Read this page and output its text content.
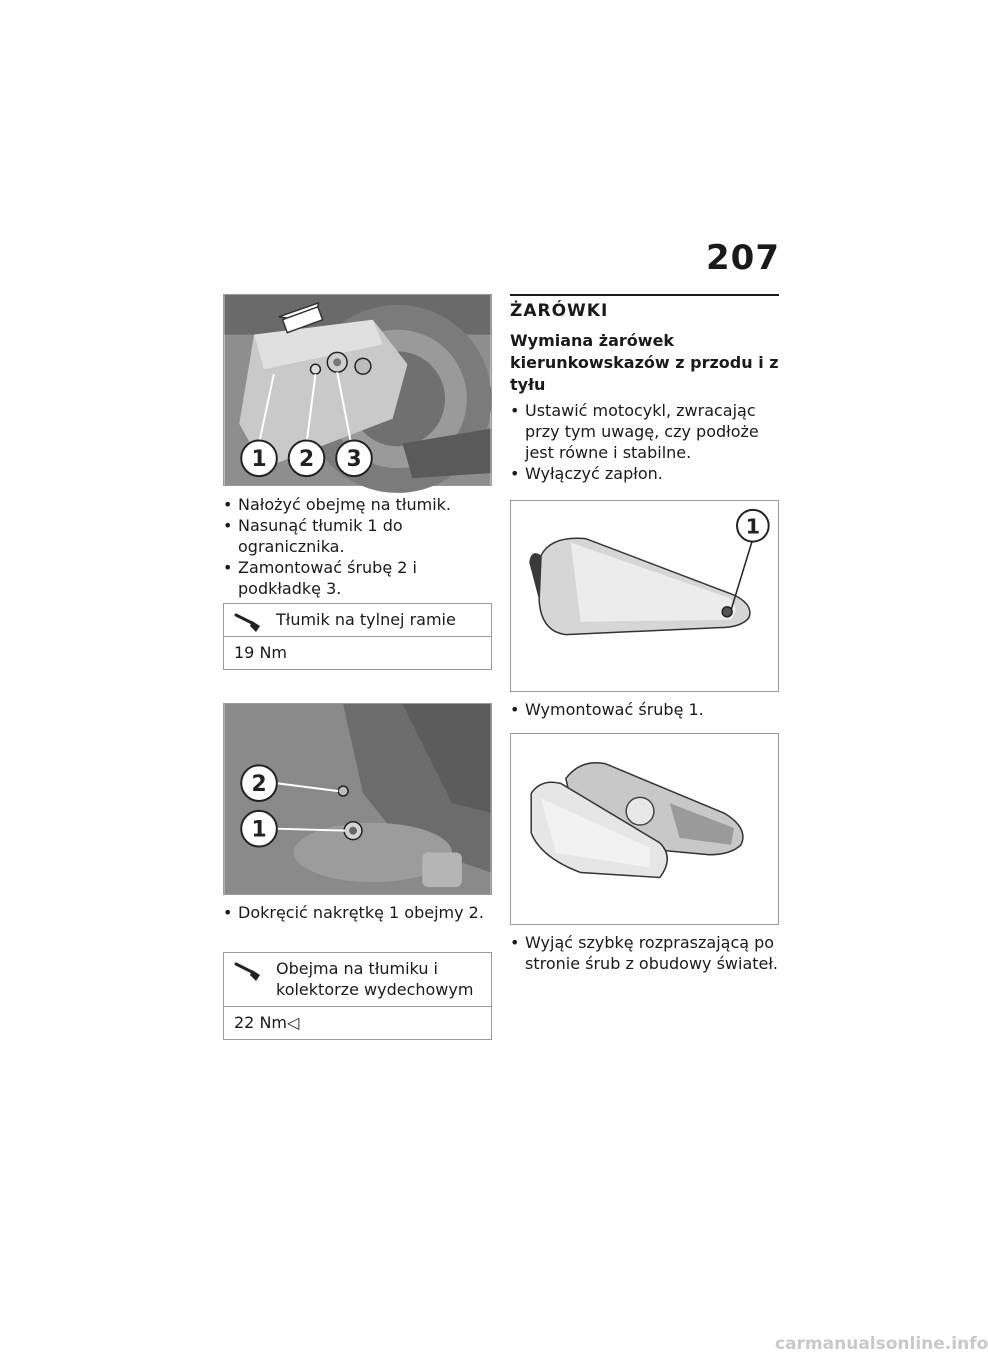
207
1 2 3
• Nałożyć obejmę na tłumik.
• Nasunąć tłumik 1 do ogranicznika.
• Zamontować śrubę 2 i podkładkę 3.
Tłumik na tylnej ramie
19 Nm
2
1
• Dokręcić nakrętkę 1 obejmy 2.
Obejma na tłumiku i kolektorze wydechowym
22 Nm◁
ŻARÓWKI
Wymiana żarówek kierunkowskazów z przodu i z tyłu
• Ustawić motocykl, zwracając przy tym uwagę, czy podłoże jest równe i stabilne.
• Wyłączyć zapłon.
1
• Wymontować śrubę 1.
• Wyjąć szybkę rozpraszającą po stronie śrub z obudowy świateł.
carmanualsonline.info
